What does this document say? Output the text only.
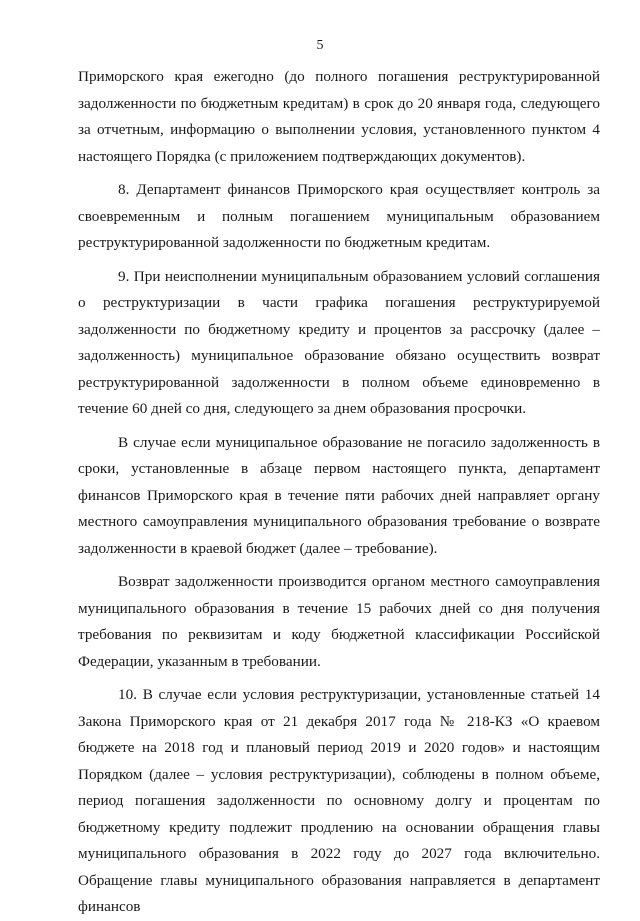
5

Приморского края ежегодно (до полного погашения реструктурированной задолженности по бюджетным кредитам) в срок до 20 января года, следующего за отчетным, информацию о выполнении условия, установленного пунктом 4 настоящего Порядка (с приложением подтверждающих документов).

8. Департамент финансов Приморского края осуществляет контроль за своевременным и полным погашением муниципальным образованием реструктурированной задолженности по бюджетным кредитам.

9. При неисполнении муниципальным образованием условий соглашения о реструктуризации в части графика погашения реструктурируемой задолженности по бюджетному кредиту и процентов за рассрочку (далее – задолженность) муниципальное образование обязано осуществить возврат реструктурированной задолженности в полном объеме единовременно в течение 60 дней со дня, следующего за днем образования просрочки.

В случае если муниципальное образование не погасило задолженность в сроки, установленные в абзаце первом настоящего пункта, департамент финансов Приморского края в течение пяти рабочих дней направляет органу местного самоуправления муниципального образования требование о возврате задолженности в краевой бюджет (далее – требование).

Возврат задолженности производится органом местного самоуправления муниципального образования в течение 15 рабочих дней со дня получения требования по реквизитам и коду бюджетной классификации Российской Федерации, указанным в требовании.

10. В случае если условия реструктуризации, установленные статьей 14 Закона Приморского края от 21 декабря 2017 года № 218-КЗ «О краевом бюджете на 2018 год и плановый период 2019 и 2020 годов» и настоящим Порядком (далее – условия реструктуризации), соблюдены в полном объеме, период погашения задолженности по основному долгу и процентам по бюджетному кредиту подлежит продлению на основании обращения главы муниципального образования в 2022 году до 2027 года включительно. Обращение главы муниципального образования направляется в департамент финансов
